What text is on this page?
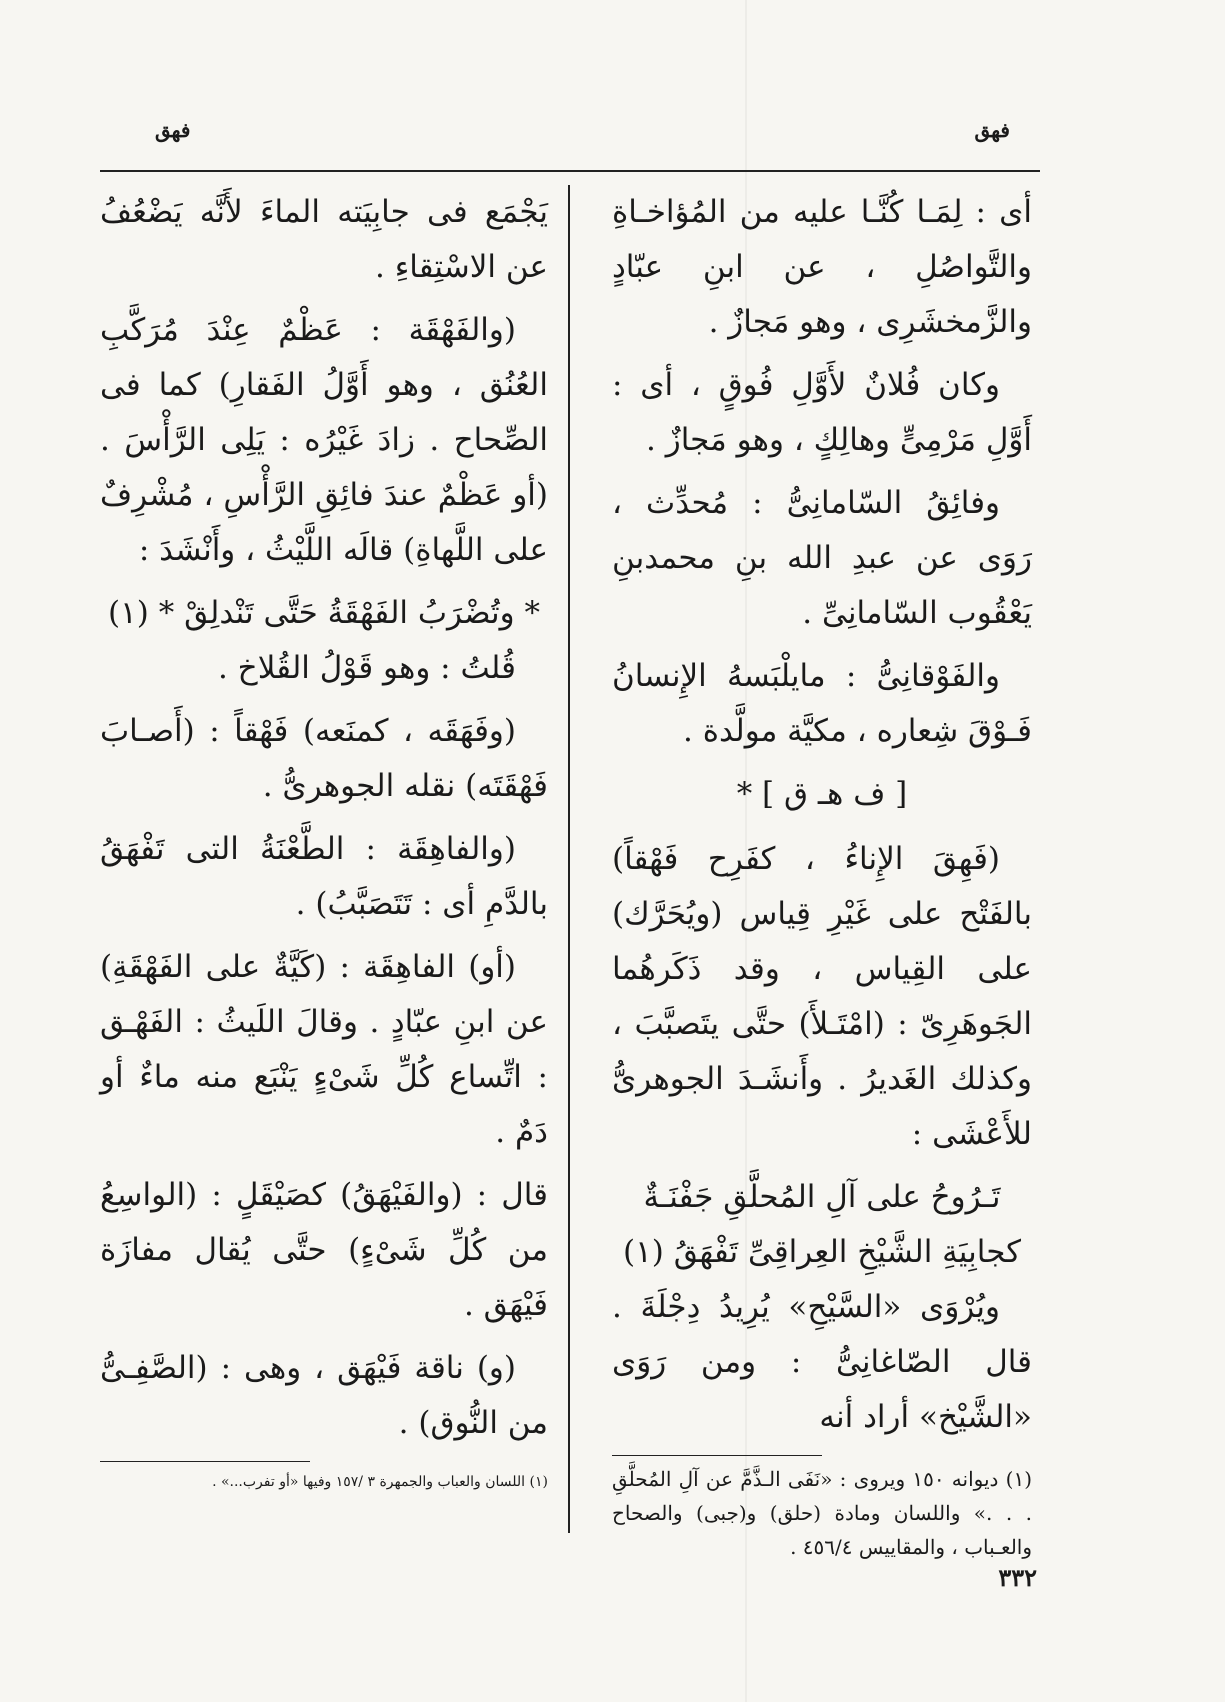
فهق
فهق

أى : لِمَـا كُنَّـا عليه من المُؤاخـاةِ والتَّواصُلِ ، عن ابنِ عبّادٍ والزَّمخشَرِى ، وهو مَجازٌ .

وكان فُلانٌ لأَوَّلِ فُوقٍ ، أى : أَوَّلِ مَرْمِىٍّ وهالِكٍ ، وهو مَجازٌ .

وفائِقُ السّامانِىُّ : مُحدِّث ، رَوَى عن عبدِ الله بنِ محمدبنِ يَعْقُوب السّامانِىِّ .

والفَوْقانِىُّ : مايلْبَسهُ الإِنسانُ فَـوْقَ شِعاره ، مكيَّة مولَّدة .

[ ف هـ ق ] *

(فَهِقَ الإِناءُ ، كفَرِح فَهْقاً) بالفَتْح على غَيْرِ قِياس (ويُحَرَّك) على القِياس ، وقد ذَكَرهُما الجَوهَرِىّ : (امْتَـلأَ) حتَّى يتَصبَّبَ ، وكذلك الغَديرُ . وأَنشَـدَ الجوهرىُّ للأَعْشَى :

تَـرُوحُ على آلِ المُحلَّقِ جَفْنَـةٌ

كجابِيَةِ الشَّيْخِ العِراقِىِّ تَفْهَقُ (١)

ويُرْوَى «السَّيْحِ» يُرِيدُ دِجْلَةَ . قال الصّاغانِىُّ : ومن رَوَى «الشَّيْخ» أراد أنه

(١) ديوانه ١٥٠ ويروى : «نَفَى الـذَّمَّ عن آلِ المُحلَّقِ . . .» واللسان ومادة (حلق) و(جبى) والصحاح والعـباب ، والمقاييس ٤٥٦/٤ .

يَجْمَع فى جابِيَته الماءَ لأَنَّه يَضْعُفُ عن الاسْتِقاءِ .

(والفَهْقَة : عَظْمٌ عِنْدَ مُرَكَّبِ العُنُق ، وهو أَوَّلُ الفَقارِ) كما فى الصِّحاح . زادَ غَيْرُه : يَلِى الرَّأْسَ . (أو عَظْمٌ عندَ فائِقِ الرَّأْسِ ، مُشْرِفٌ على اللَّهاةِ) قالَه اللَّيْثُ ، وأَنْشَدَ :

* وتُضْرَبُ الفَهْقَةُ حَتَّى تَنْدلِقْ * (١)

قُلتُ : وهو قَوْلُ القُلاخ .

(وفَهَقَه ، كمنَعه) فَهْقاً : (أَصـابَ فَهْقَتَه) نقله الجوهرىُّ .

(والفاهِقَة : الطَّعْنَةُ التى تَفْهَقُ بالدَّمِ أى : تَتَصَبَّبُ) .

(أو) الفاهِقَة : (كَيَّةٌ على الفَهْقَةِ) عن ابنِ عبّادٍ . وقالَ اللَيثُ : الفَهْـق : اتِّساع كُلِّ شَىْءٍ يَنْبَع منه ماءٌ أو دَمٌ .

قال : (والفَيْهَقُ) كصَيْقَلٍ : (الواسِعُ من كُلِّ شَىْءٍ) حتَّى يُقال مفازَة فَيْهَق .

(و) ناقة فَيْهَق ، وهى : (الصَّفِـىُّ من النُّوق) .

(١) اللسان والعباب والجمهرة ٣ /١٥٧ وفيها «أو تفرب...» .

٣٣٢
